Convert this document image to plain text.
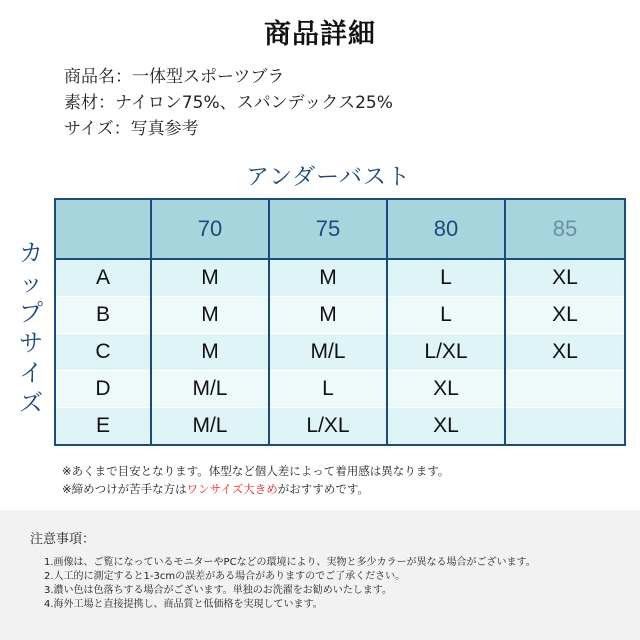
商品詳細
商品名：一体型スポーツブラ
素材：ナイロン75%、スパンデックス25%
サイズ：写真参考
アンダーバスト
カ
ッ
プ
サ
イ
ズ
	70	75	80	85
A	M	M	L	XL
B	M	M	L	XL
C	M	M/L	L/XL	XL
D	M/L	L	XL	
E	M/L	L/XL	XL	
※あくまで目安となります。体型など個人差によって着用感は異なります。
※締めつけが苦手な方はワンサイズ大きめがおすすめです。
注意事項：
1.画像は、ご覧になっているモニターやPCなどの環境により、実物と多少カラーが異なる場合がございます。
2.人工的に測定すると1-3cmの誤差がある場合がありますのでご了承ください。
3.濃い色は色落ちする場合がございます。単独のお洗濯をお勧めいたします。
4.海外工場と直接提携し、商品質と低価格を実現しています。
